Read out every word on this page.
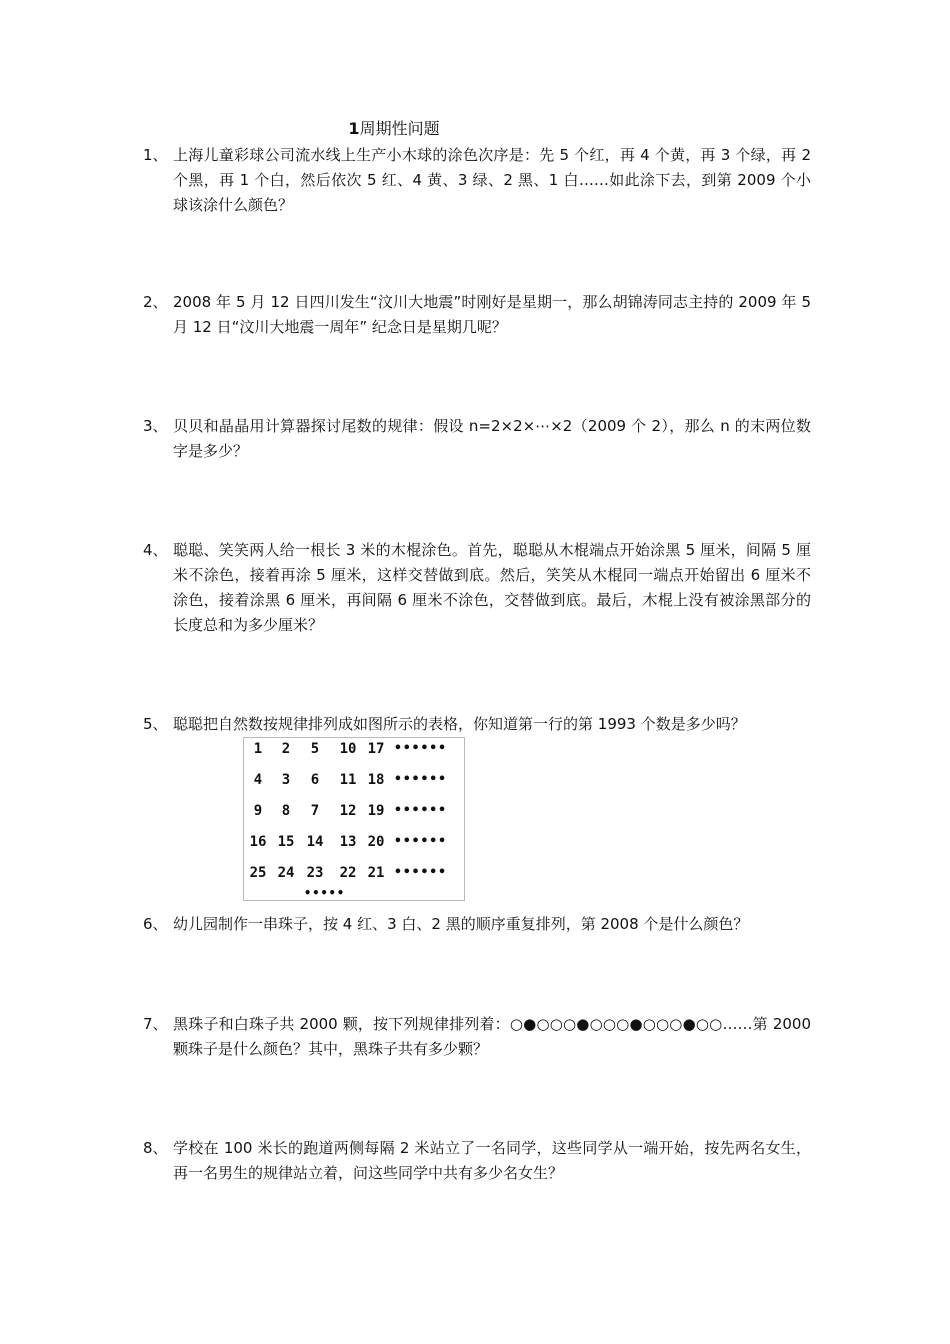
1周期性问题
1、 上海儿童彩球公司流水线上生产小木球的涂色次序是：先 5 个红，再 4 个黄，再 3 个绿，再 2 个黑，再 1 个白，然后依次 5 红、4 黄、3 绿、2 黑、1 白……如此涂下去，到第 2009 个小球该涂什么颜色？
2、 2008 年 5 月 12 日四川发生“汶川大地震”时刚好是星期一，那么胡锦涛同志主持的 2009 年 5 月 12 日“汶川大地震一周年” 纪念日是星期几呢？
3、 贝贝和晶晶用计算器探讨尾数的规律：假设 n=2×2×⋯×2（2009 个 2），那么 n 的末两位数字是多少？
4、 聪聪、笑笑两人给一根长 3 米的木棍涂色。首先，聪聪从木棍端点开始涂黑 5 厘米，间隔 5 厘米不涂色，接着再涂 5 厘米，这样交替做到底。然后，笑笑从木棍同一端点开始留出 6 厘米不涂色，接着涂黑 6 厘米，再间隔 6 厘米不涂色，交替做到底。最后，木棍上没有被涂黑部分的长度总和为多少厘米？
5、 聪聪把自然数按规律排列成如图所示的表格，你知道第一行的第 1993 个数是多少吗？
1	2	5	10 17 ••••••
4	3	6	11 18 ••••••
9	8	7	12 19 ••••••
16 15 14	13 20 ••••••
25 24 23	22 21 ••••••
•••••
6、 幼儿园制作一串珠子，按 4 红、3 白、2 黑的顺序重复排列，第 2008 个是什么颜色？
7、 黑珠子和白珠子共 2000 颗，按下列规律排列着：○●○○○●○○○●○○○●○○……第 2000 颗珠子是什么颜色？其中，黑珠子共有多少颗？
8、 学校在 100 米长的跑道两侧每隔 2 米站立了一名同学，这些同学从一端开始，按先两名女生，再一名男生的规律站立着，问这些同学中共有多少名女生？
